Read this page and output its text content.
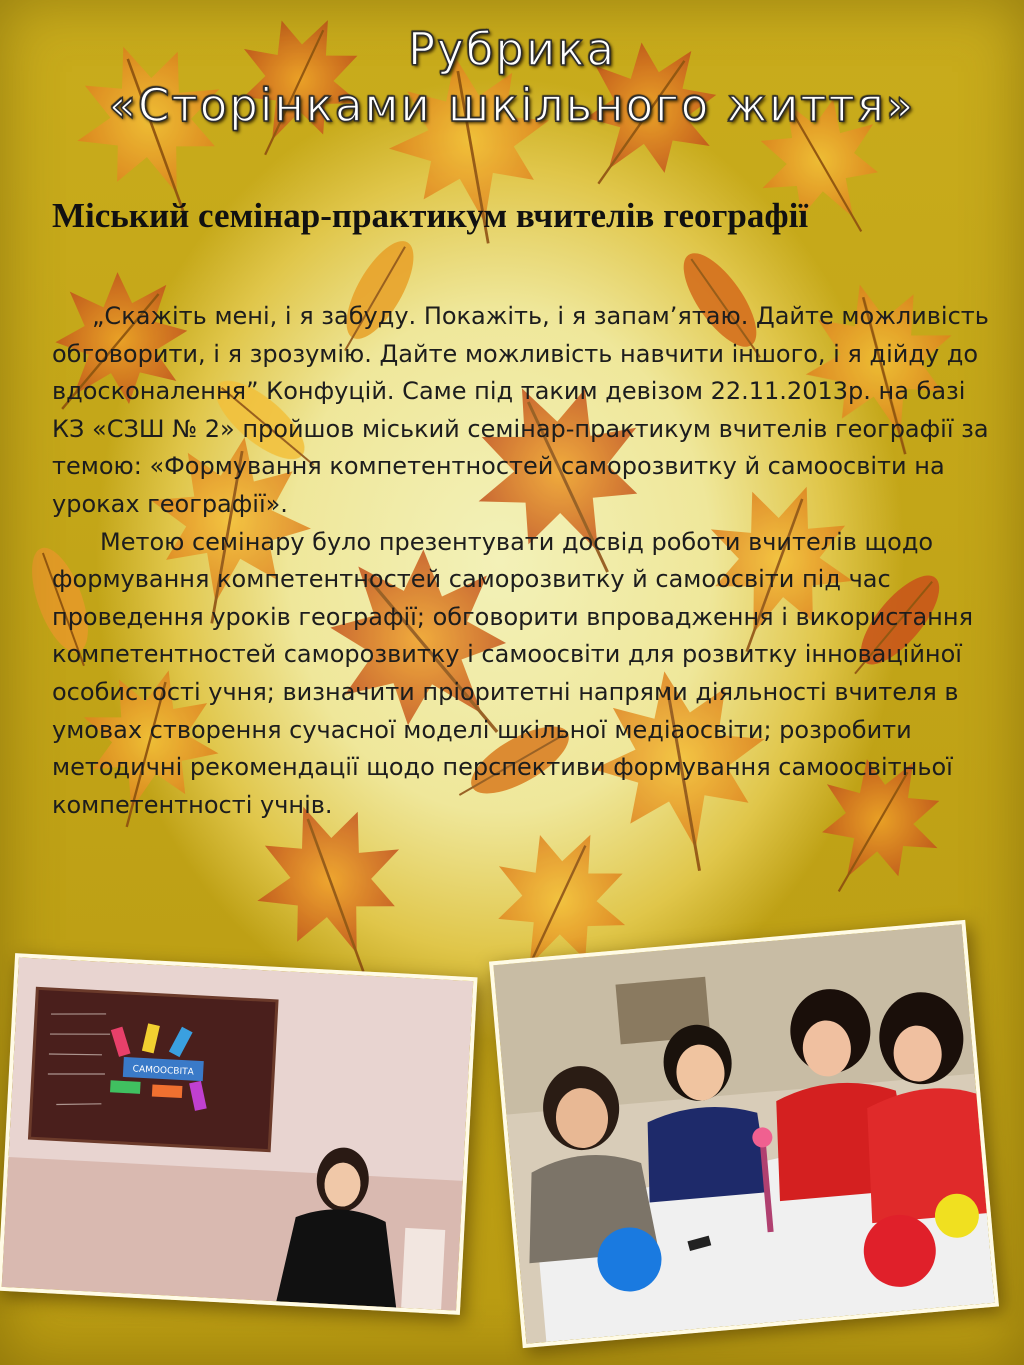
Рубрика
«Сторінками шкільного життя»
Міський семінар-практикум вчителів географії

„Скажіть мені, і я забуду. Покажіть, і я запам’ятаю. Дайте можливість обговорити, і я зрозумію. Дайте можливість навчити іншого, і я дійду до вдосконалення” Конфуцій. Саме під таким девізом 22.11.2013р. на базі КЗ «СЗШ № 2» пройшов міський семінар-практикум вчителів географії за темою: «Формування компетентностей саморозвитку й самоосвіти на уроках географії».

Метою семінару було презентувати досвід роботи вчителів щодо формування компетентностей саморозвитку й самоосвіти під час проведення уроків географії; обговорити впровадження і використання компетентностей саморозвитку і самоосвіти для розвитку інноваційної особистості учня; визначити пріоритетні напрями діяльності вчителя в умовах створення сучасної моделі шкільної медіаосвіти; розробити методичні рекомендації щодо перспективи формування самоосвітньої компетентності учнів.

САМООСВІТА
